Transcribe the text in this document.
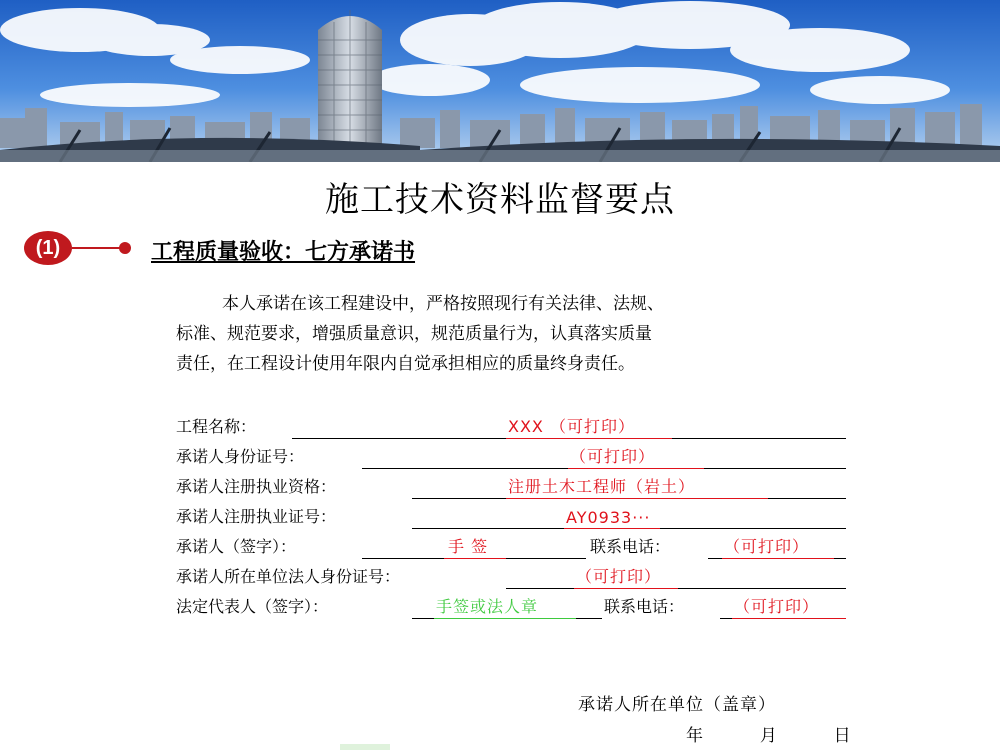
施工技术资料监督要点
(1)	工程质量验收：七方承诺书
本人承诺在该工程建设中，严格按照现行有关法律、法规、
标准、规范要求，增强质量意识，规范质量行为，认真落实质量
责任，在工程设计使用年限内自觉承担相应的质量终身责任。
工程名称：	XXX （可打印）
承诺人身份证号：	（可打印）
承诺人注册执业资格：	注册土木工程师（岩土）
承诺人注册执业证号：	AY0933···
承诺人（签字）：	手 签	联系电话：	（可打印）
承诺人所在单位法人身份证号：	（可打印）
法定代表人（签字）：	手签或法人章	联系电话：	（可打印）
承诺人所在单位（盖章）
年	月	日
